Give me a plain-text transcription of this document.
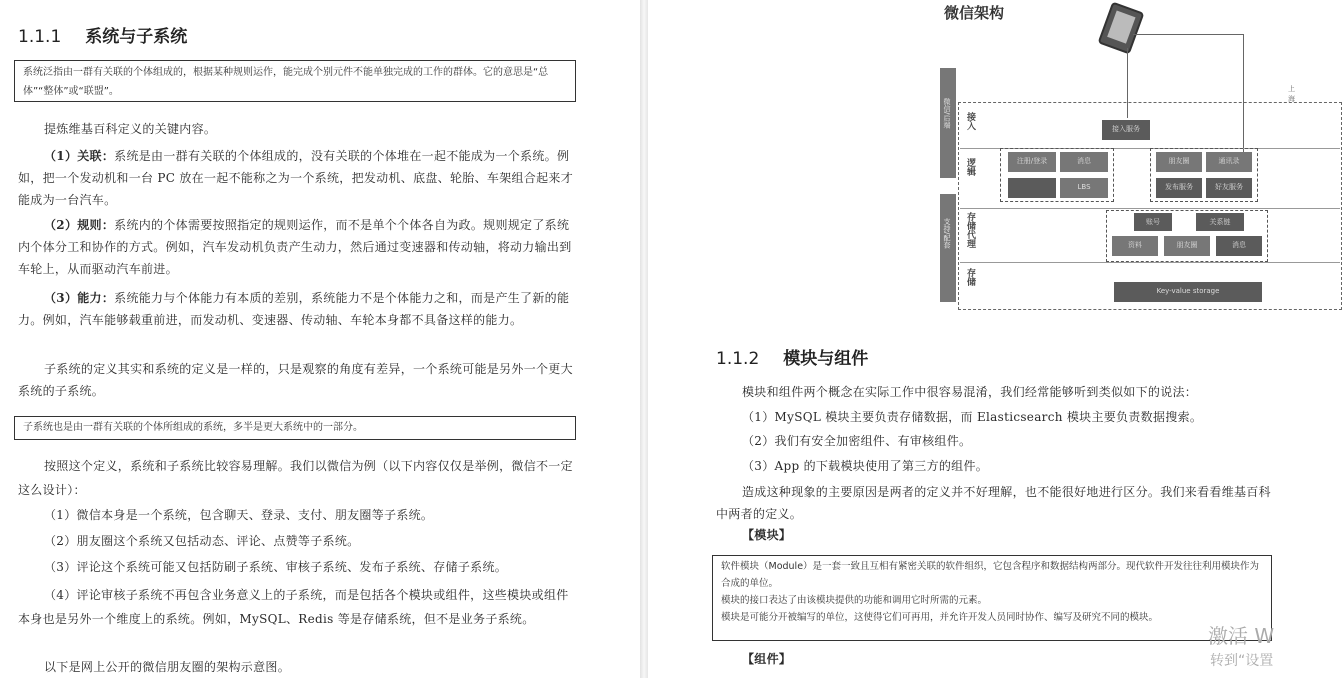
1.1.1 系统与子系统
系统泛指由一群有关联的个体组成的，根据某种规则运作，能完成个别元件不能单独完成的工作的群体。它的意思是“总体”“整体”或“联盟”。
提炼维基百科定义的关键内容。
（1）关联：系统是由一群有关联的个体组成的，没有关联的个体堆在一起不能成为一个系统。例如，把一个发动机和一台 PC 放在一起不能称之为一个系统，把发动机、底盘、轮胎、车架组合起来才能成为一台汽车。
（2）规则：系统内的个体需要按照指定的规则运作，而不是单个个体各自为政。规则规定了系统内个体分工和协作的方式。例如，汽车发动机负责产生动力，然后通过变速器和传动轴，将动力输出到车轮上，从而驱动汽车前进。
（3）能力：系统能力与个体能力有本质的差别，系统能力不是个体能力之和，而是产生了新的能力。例如，汽车能够载重前进，而发动机、变速器、传动轴、车轮本身都不具备这样的能力。
子系统的定义其实和系统的定义是一样的，只是观察的角度有差异，一个系统可能是另外一个更大系统的子系统。
子系统也是由一群有关联的个体所组成的系统，多半是更大系统中的一部分。
按照这个定义，系统和子系统比较容易理解。我们以微信为例（以下内容仅仅是举例，微信不一定这么设计）：
（1）微信本身是一个系统，包含聊天、登录、支付、朋友圈等子系统。
（2）朋友圈这个系统又包括动态、评论、点赞等子系统。
（3）评论这个系统可能又包括防刷子系统、审核子系统、发布子系统、存储子系统。
（4）评论审核子系统不再包含业务意义上的子系统，而是包括各个模块或组件，这些模块或组件本身也是另外一个维度上的系统。例如，MySQL、Redis 等是存储系统，但不是业务子系统。
以下是网上公开的微信朋友圈的架构示意图。
微信架构
上海
微信/后端
支持/配套
接入
逻辑
存储代理
存储
接入服务
注册/登录	消息
LBS
朋友圈	通讯录
发布服务	好友服务
账号	关系链
资料	朋友圈	消息
Key-value storage
1.1.2 模块与组件
模块和组件两个概念在实际工作中很容易混淆，我们经常能够听到类似如下的说法：
（1）MySQL 模块主要负责存储数据，而 Elasticsearch 模块主要负责数据搜索。
（2）我们有安全加密组件、有审核组件。
（3）App 的下载模块使用了第三方的组件。
造成这种现象的主要原因是两者的定义并不好理解，也不能很好地进行区分。我们来看看维基百科中两者的定义。
【模块】
软件模块（Module）是一套一致且互相有紧密关联的软件组织，它包含程序和数据结构两部分。现代软件开发往往利用模块作为合成的单位。
模块的接口表达了由该模块提供的功能和调用它时所需的元素。
模块是可能分开被编写的单位，这使得它们可再用，并允许开发人员同时协作、编写及研究不同的模块。
【组件】
激活 W
转到“设置
